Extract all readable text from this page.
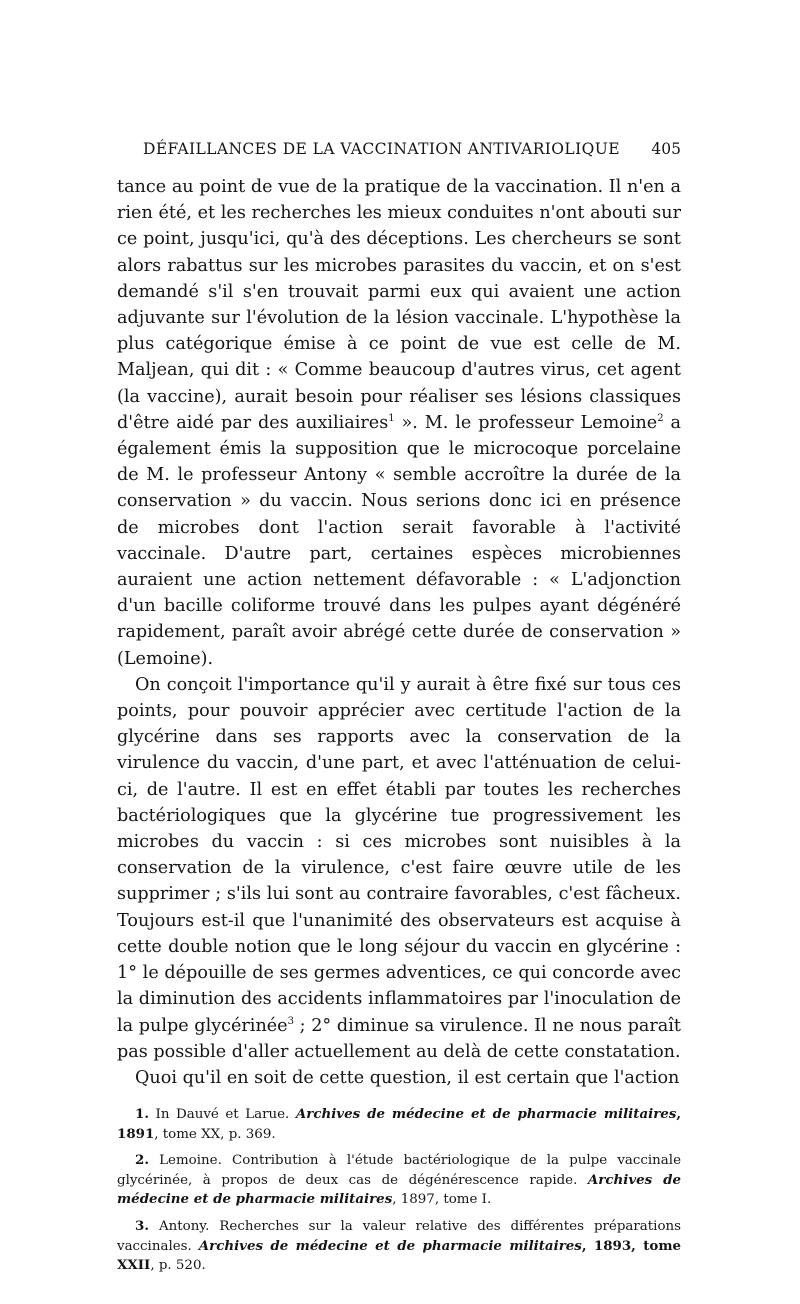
DÉFAILLANCES DE LA VACCINATION ANTIVARIOLIQUE 405

tance au point de vue de la pratique de la vaccination. Il n'en a rien été, et les recherches les mieux conduites n'ont abouti sur ce point, jusqu'ici, qu'à des déceptions. Les chercheurs se sont alors rabattus sur les microbes parasites du vaccin, et on s'est demandé s'il s'en trouvait parmi eux qui avaient une action adjuvante sur l'évolution de la lésion vaccinale. L'hypothèse la plus catégorique émise à ce point de vue est celle de M. Maljean, qui dit : « Comme beaucoup d'autres virus, cet agent (la vaccine), aurait besoin pour réaliser ses lésions classiques d'être aidé par des auxiliaires$^1$ ». M. le professeur Lemoine$^2$ a également émis la supposition que le microcoque porcelaine de M. le professeur Antony « semble accroître la durée de la conservation » du vaccin. Nous serions donc ici en présence de microbes dont l'action serait favorable à l'activité vaccinale. D'autre part, certaines espèces microbiennes auraient une action nettement défavorable : « L'adjonction d'un bacille coliforme trouvé dans les pulpes ayant dégénéré rapidement, paraît avoir abrégé cette durée de conservation » (Lemoine).

On conçoit l'importance qu'il y aurait à être fixé sur tous ces points, pour pouvoir apprécier avec certitude l'action de la glycérine dans ses rapports avec la conservation de la virulence du vaccin, d'une part, et avec l'atténuation de celui-ci, de l'autre. Il est en effet établi par toutes les recherches bactériologiques que la glycérine tue progressivement les microbes du vaccin : si ces microbes sont nuisibles à la conservation de la virulence, c'est faire œuvre utile de les supprimer ; s'ils lui sont au contraire favorables, c'est fâcheux. Toujours est-il que l'unanimité des observateurs est acquise à cette double notion que le long séjour du vaccin en glycérine : 1° le dépouille de ses germes adventices, ce qui concorde avec la diminution des accidents inflammatoires par l'inoculation de la pulpe glycérinée$^3$ ; 2° diminue sa virulence. Il ne nous paraît pas possible d'aller actuellement au delà de cette constatation.

Quoi qu'il en soit de cette question, il est certain que l'action

1. In Dauvé et Larue. Archives de médecine et de pharmacie militaires, 1891, tome XX, p. 369.

2. Lemoine. Contribution à l'étude bactériologique de la pulpe vaccinale glycérinée, à propos de deux cas de dégénérescence rapide. Archives de médecine et de pharmacie militaires, 1897, tome I.

3. Antony. Recherches sur la valeur relative des différentes préparations vaccinales. Archives de médecine et de pharmacie militaires, 1893, tome XXII, p. 520.
